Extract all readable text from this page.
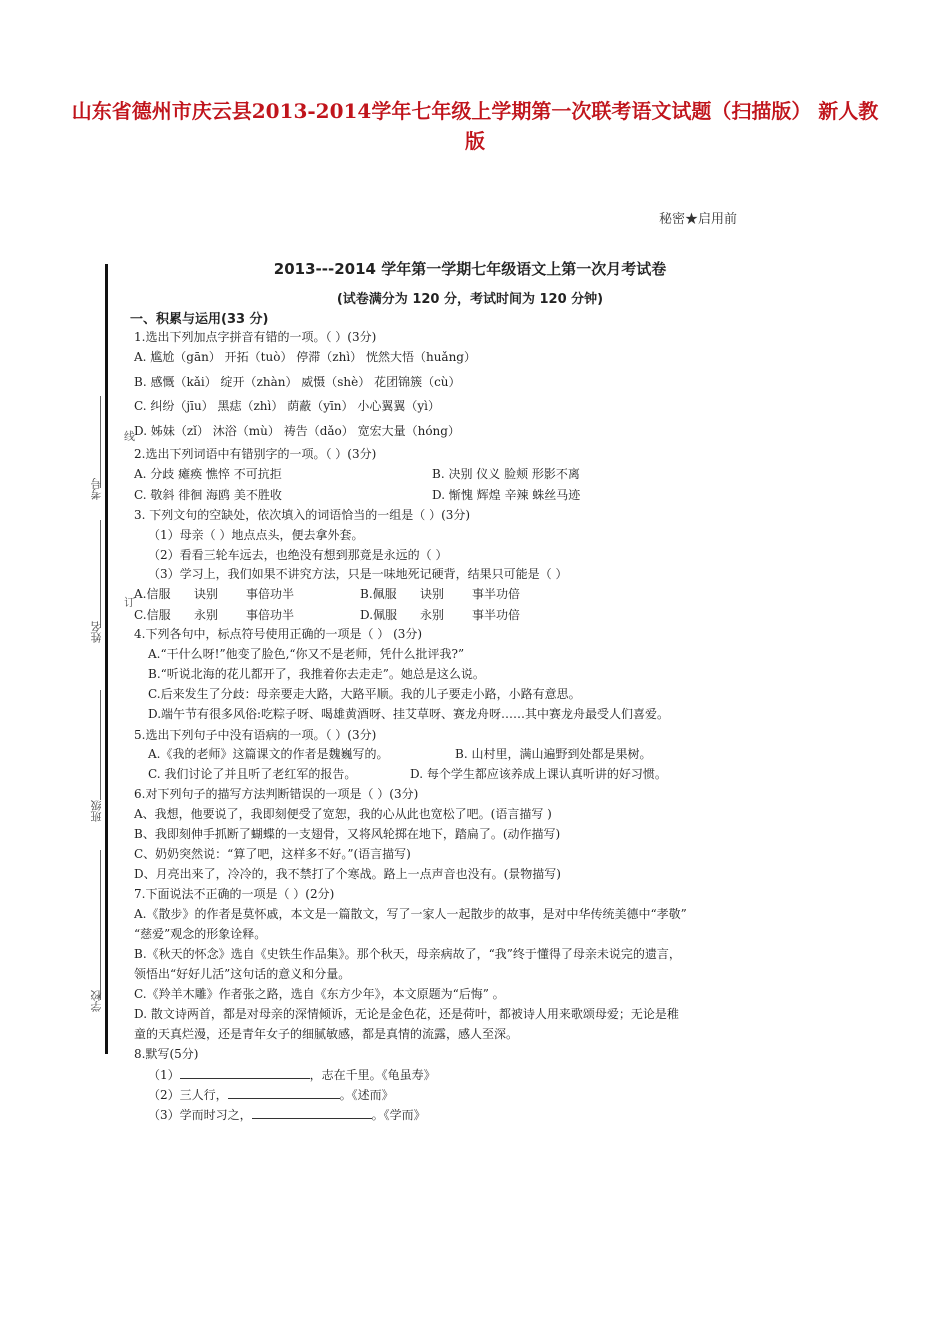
山东省德州市庆云县2013-2014学年七年级上学期第一次联考语文试题（扫描版） 新人教版
秘密★启用前
考号
线
姓名
订
班级
学校
2013---2014 学年第一学期七年级语文上第一次月考试卷
(试卷满分为 120 分，考试时间为 120 分钟)
一、积累与运用(33 分)
1.选出下列加点字拼音有错的一项。（ ）(3分)
A. 尴尬（gān） 开拓（tuò） 停滞（zhì） 恍然大悟（huǎng）
B. 感慨（kǎi） 绽开（zhàn） 威慑（shè） 花团锦簇（cù）
C. 纠纷（jīu） 黑痣（zhì） 荫蔽（yīn） 小心翼翼（yì）
D. 姊妹（zǐ） 沐浴（mù） 祷告（dǎo） 宽宏大量（hóng）
2.选出下列词语中有错别字的一项。（ ）(3分)
A. 分歧 瘫痪 憔悴 不可抗拒	B. 决别 仪义 脸颊 形影不离
C. 敬斜 徘徊 海鸥 美不胜收	D. 惭愧 辉煌 辛辣 蛛丝马迹
3. 下列文句的空缺处，依次填入的词语恰当的一组是（ ）(3分)
（1）母亲（ ）地点点头，便去拿外套。
（2）看看三轮车远去，也绝没有想到那竟是永远的（ ）
（3）学习上，我们如果不讲究方法，只是一味地死记硬背，结果只可能是（ ）
A.信服 诀别 事倍功半	B.佩服 诀别 事半功倍
C.信服 永别 事倍功半	D.佩服 永别 事半功倍
4.下列各句中，标点符号使用正确的一项是（ ） (3分)
A.“干什么呀!”他变了脸色,“你又不是老师，凭什么批评我?”
B.“听说北海的花儿都开了，我推着你去走走”。她总是这么说。
C.后来发生了分歧：母亲要走大路，大路平顺。我的儿子要走小路，小路有意思。
D.端午节有很多风俗:吃粽子呀、喝雄黄酒呀、挂艾草呀、赛龙舟呀……其中赛龙舟最受人们喜爱。
5.选出下列句子中没有语病的一项。（ ）(3分)
A.《我的老师》这篇课文的作者是魏巍写的。	B. 山村里，满山遍野到处都是果树。
C. 我们讨论了并且听了老红军的报告。	D. 每个学生都应该养成上课认真听讲的好习惯。
6.对下列句子的描写方法判断错误的一项是（ ）(3分)
A、我想，他要说了，我即刻便受了宽恕，我的心从此也宽松了吧。(语言描写 )
B、我即刻伸手抓断了蝴蝶的一支翅骨，又将风轮掷在地下，踏扁了。(动作描写)
C、奶奶突然说：“算了吧，这样多不好。”(语言描写)
D、月亮出来了，冷冷的，我不禁打了个寒战。路上一点声音也没有。(景物描写)
7.下面说法不正确的一项是（ ）(2分)
A.《散步》的作者是莫怀戚，本文是一篇散文，写了一家人一起散步的故事，是对中华传统美德中“孝敬”
“慈爱”观念的形象诠释。
B.《秋天的怀念》选自《史铁生作品集》。那个秋天，母亲病故了，“我”终于懂得了母亲未说完的遗言，
领悟出“好好儿活”这句话的意义和分量。
C.《羚羊木雕》作者张之路，选自《东方少年》，本文原题为“后悔” 。
D. 散文诗两首，都是对母亲的深情倾诉，无论是金色花，还是荷叶，都被诗人用来歌颂母爱；无论是稚
童的天真烂漫，还是青年女子的细腻敏感，都是真情的流露，感人至深。
8.默写(5分)
（1）	，志在千里。《龟虽寿》
（2）三人行，	。《述而》
（3）学而时习之，	。《学而》
